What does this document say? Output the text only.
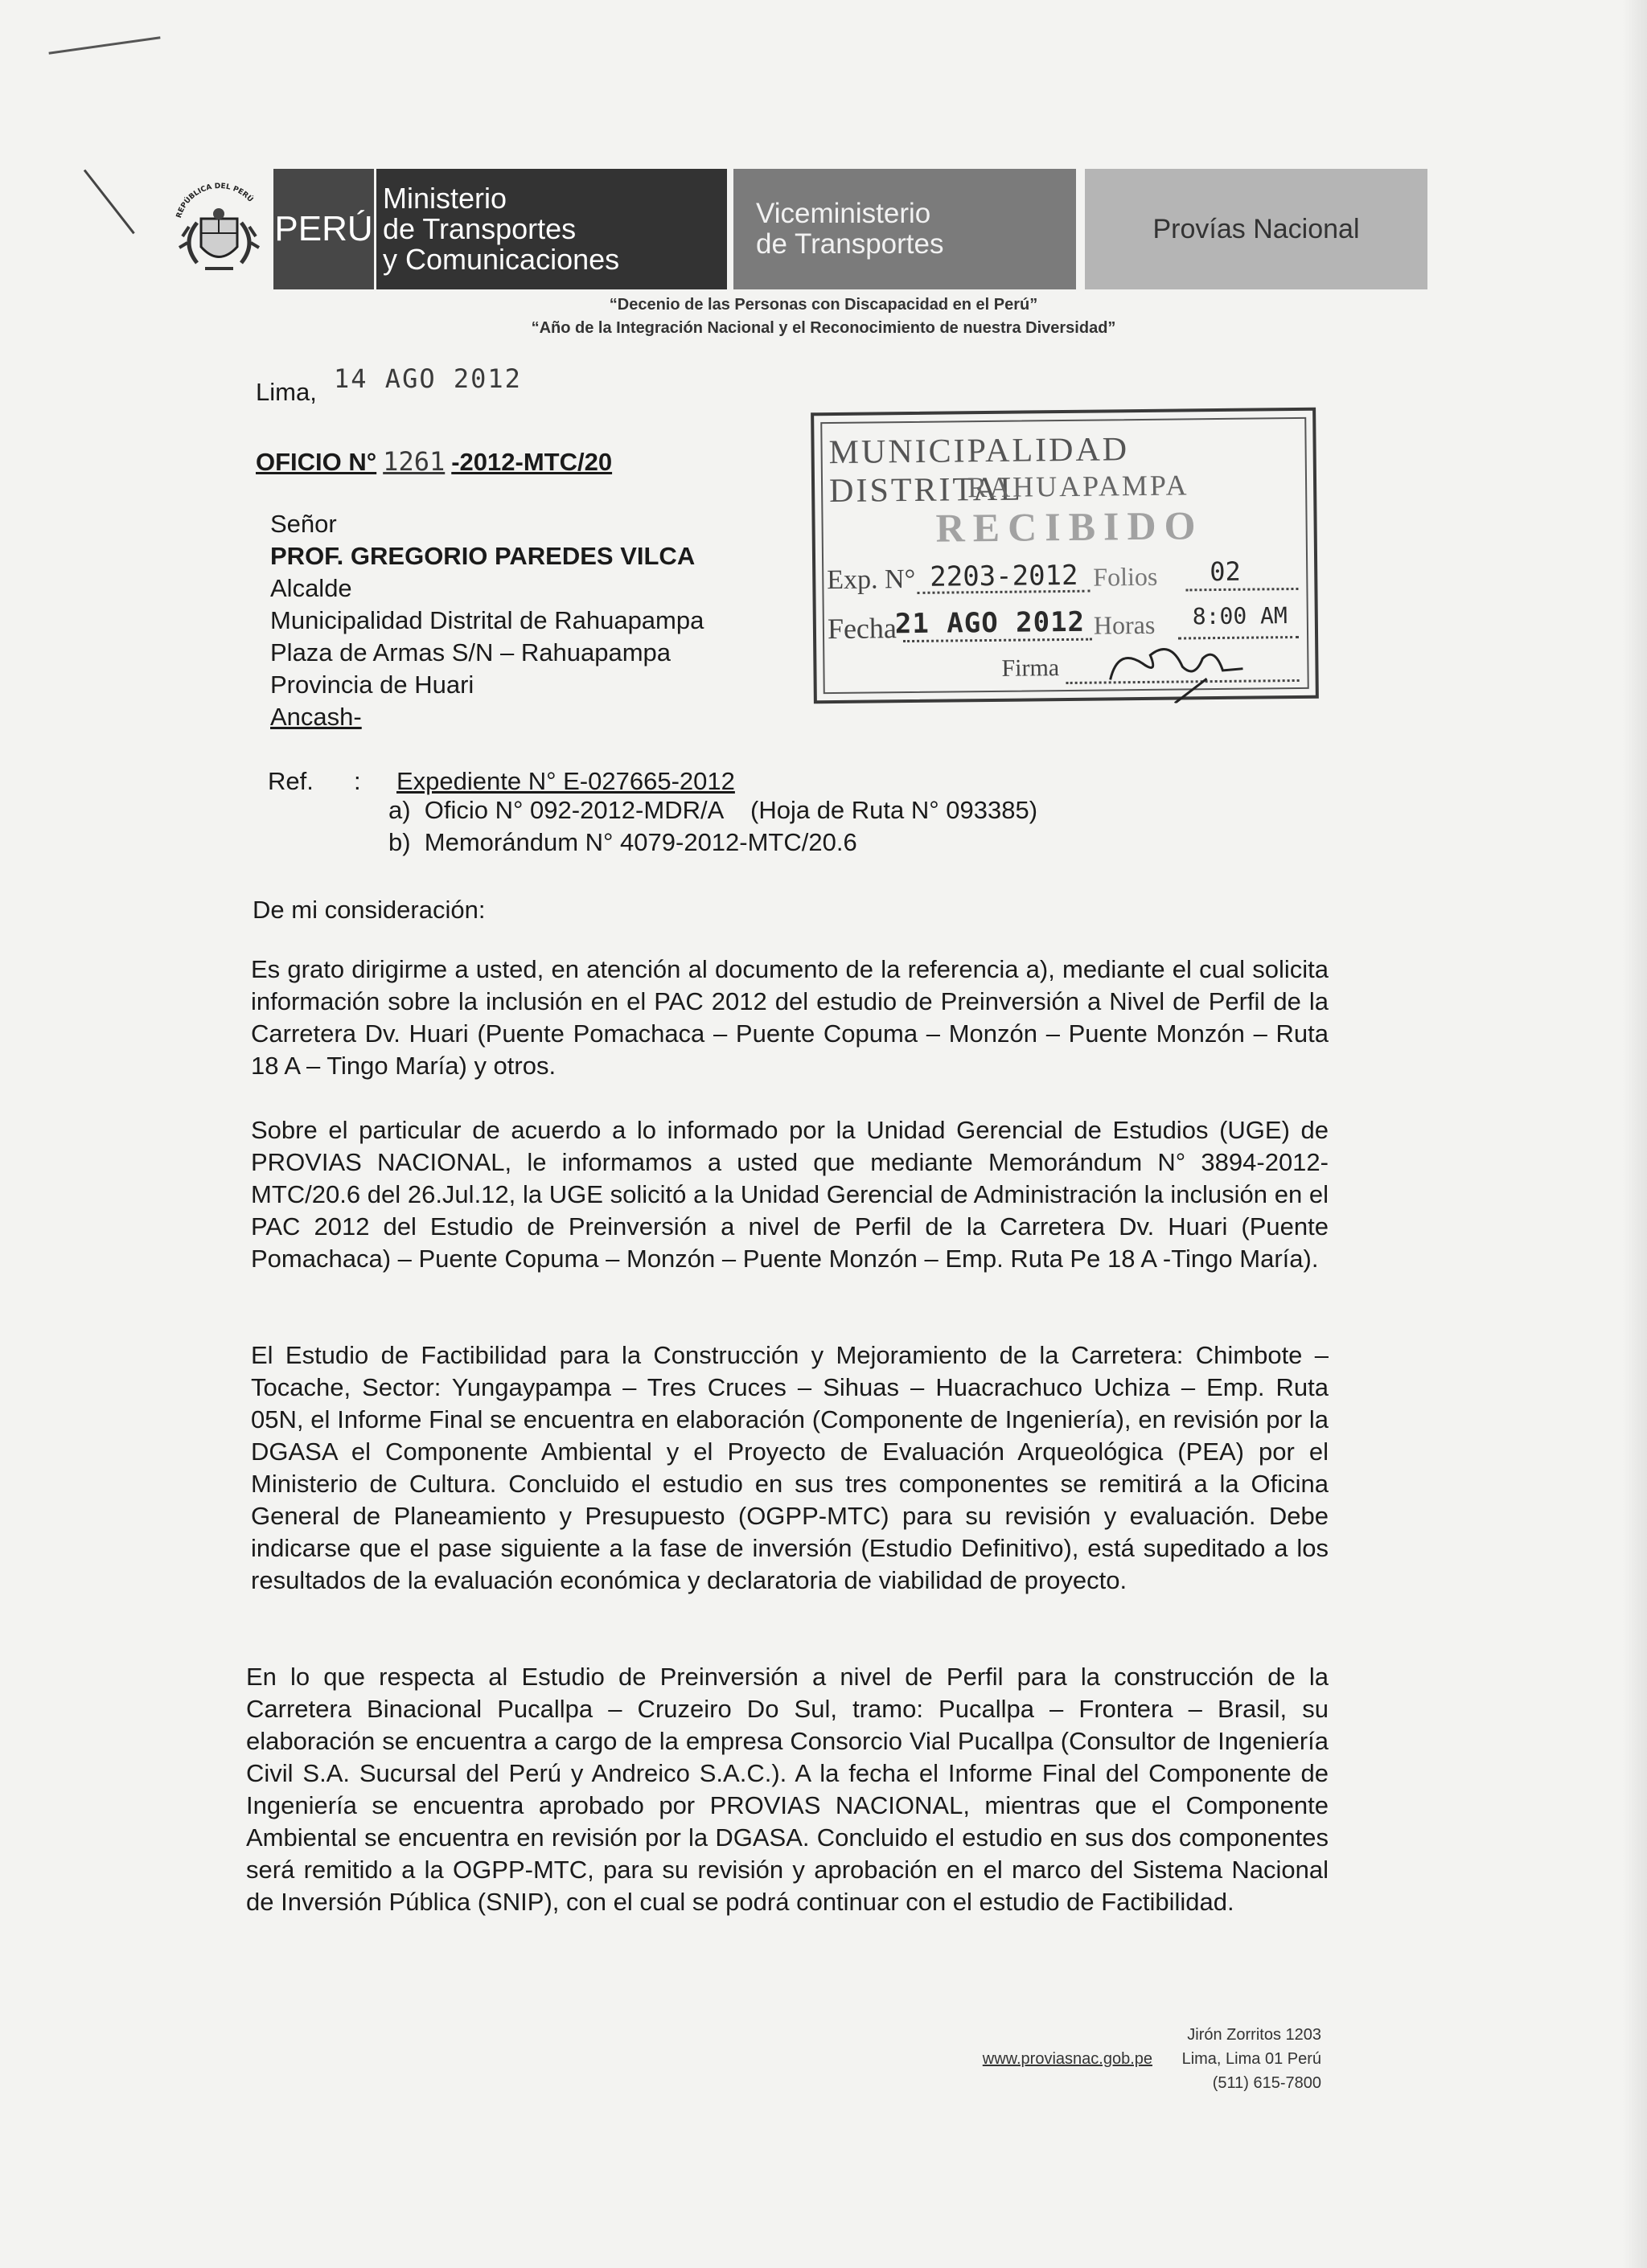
REPÚBLICA DEL PERÚ
PERÚ
Ministerio
de Transportes
y Comunicaciones
Viceministerio
de Transportes	Provías Nacional
“Decenio de las Personas con Discapacidad en el Perú”
“Año de la Integración Nacional y el Reconocimiento de nuestra Diversidad”
Lima, 14 AGO 2012
OFICIO N° 1261 -2012-MTC/20
Señor
PROF. GREGORIO PAREDES VILCA
Alcalde
Municipalidad Distrital de Rahuapampa
Plaza de Armas S/N – Rahuapampa
Provincia de Huari
Ancash-
MUNICIPALIDAD DISTRITAL
RAHUAPAMPA
RECIBIDO
Exp. N° 2203-2012 Folios 02
Fecha
21 AGO 2012 Horas 8:00 AM
Firma
Ref. : Expediente N° E-027665-2012
a)  Oficio N° 092-2012-MDR/A    (Hoja de Ruta N° 093385)
b)  Memorándum N° 4079-2012-MTC/20.6
De mi consideración:
Es grato dirigirme a usted, en atención al documento de la referencia a), mediante el cual solicita información sobre la inclusión en el PAC 2012 del estudio de Preinversión a Nivel de Perfil de la Carretera Dv. Huari (Puente Pomachaca – Puente Copuma – Monzón – Puente Monzón – Ruta 18 A – Tingo María) y otros.
Sobre el particular de acuerdo a lo informado por la Unidad Gerencial de Estudios (UGE) de PROVIAS NACIONAL, le informamos a usted que mediante Memorándum N° 3894-2012-MTC/20.6 del 26.Jul.12, la UGE solicitó a la Unidad Gerencial de Administración la inclusión en el PAC 2012 del Estudio de Preinversión a nivel de Perfil de la Carretera Dv. Huari (Puente Pomachaca) – Puente Copuma – Monzón – Puente Monzón – Emp. Ruta Pe 18 A -Tingo María).
El Estudio de Factibilidad para la Construcción y Mejoramiento de la Carretera: Chimbote – Tocache, Sector: Yungaypampa – Tres Cruces – Sihuas – Huacrachuco Uchiza – Emp. Ruta 05N, el Informe Final se encuentra en elaboración (Componente de Ingeniería), en revisión por la DGASA el Componente Ambiental y el Proyecto de Evaluación Arqueológica (PEA) por el Ministerio de Cultura. Concluido el estudio en sus tres componentes se remitirá a la Oficina General de Planeamiento y Presupuesto (OGPP-MTC) para su revisión y evaluación. Debe indicarse que el pase siguiente a la fase de inversión (Estudio Definitivo), está supeditado a los resultados de la evaluación económica y declaratoria de viabilidad de proyecto.
En lo que respecta al Estudio de Preinversión a nivel de Perfil para la construcción de la Carretera Binacional Pucallpa – Cruzeiro Do Sul, tramo: Pucallpa – Frontera – Brasil, su elaboración se encuentra a cargo de la empresa Consorcio Vial Pucallpa (Consultor de Ingeniería Civil S.A. Sucursal del Perú y Andreico S.A.C.). A la fecha el Informe Final del Componente de Ingeniería se encuentra aprobado por PROVIAS NACIONAL, mientras que el Componente Ambiental se encuentra en revisión por la DGASA. Concluido el estudio en sus dos componentes será remitido a la OGPP-MTC, para su revisión y aprobación en el marco del Sistema Nacional de Inversión Pública (SNIP), con el cual se podrá continuar con el estudio de Factibilidad.
www.proviasnac.gob.pe
Jirón Zorritos 1203
Lima, Lima 01 Perú
(511) 615-7800
